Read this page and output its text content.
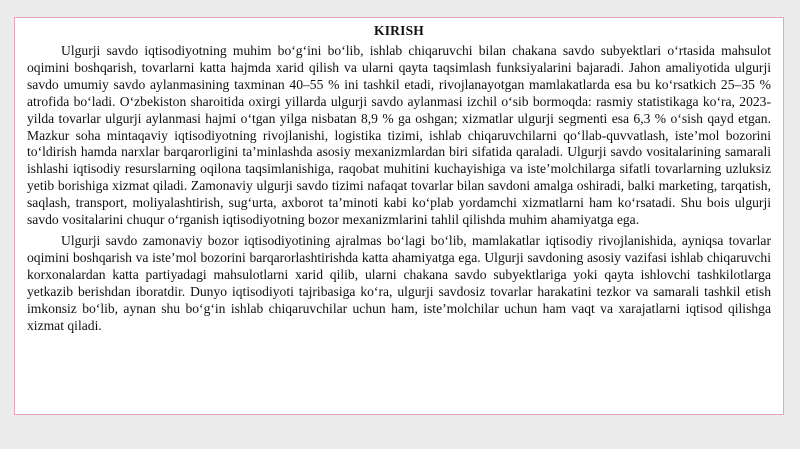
KIRISH

Ulgurji savdo iqtisodiyotning muhim bo‘g‘ini bo‘lib, ishlab chiqaruvchi bilan chakana savdo subyektlari o‘rtasida mahsulot oqimini boshqarish, tovarlarni katta hajmda xarid qilish va ularni qayta taqsimlash funksiyalarini bajaradi. Jahon amaliyotida ulgurji savdo umumiy savdo aylanmasining taxminan 40–55 % ini tashkil etadi, rivojlanayotgan mamlakatlarda esa bu ko‘rsatkich 25–35 % atrofida bo‘ladi. O‘zbekiston sharoitida oxirgi yillarda ulgurji savdo aylanmasi izchil o‘sib bormoqda: rasmiy statistikaga ko‘ra, 2023-yilda tovarlar ulgurji aylanmasi hajmi o‘tgan yilga nisbatan 8,9 % ga oshgan; xizmatlar ulgurji segmenti esa 6,3 % o‘sish qayd etgan. Mazkur soha mintaqaviy iqtisodiyotning rivojlanishi, logistika tizimi, ishlab chiqaruvchilarni qo‘llab-quvvatlash, iste’mol bozorini to‘ldirish hamda narxlar barqarorligini ta’minlashda asosiy mexanizmlardan biri sifatida qaraladi. Ulgurji savdo vositalarining samarali ishlashi iqtisodiy resurslarning oqilona taqsimlanishiga, raqobat muhitini kuchayishiga va iste’molchilarga sifatli tovarlarning uzluksiz yetib borishiga xizmat qiladi. Zamonaviy ulgurji savdo tizimi nafaqat tovarlar bilan savdoni amalga oshiradi, balki marketing, tarqatish, saqlash, transport, moliyalashtirish, sug‘urta, axborot ta’minoti kabi ko‘plab yordamchi xizmatlarni ham ko‘rsatadi. Shu bois ulgurji savdo vositalarini chuqur o‘rganish iqtisodiyotning bozor mexanizmlarini tahlil qilishda muhim ahamiyatga ega.

Ulgurji savdo zamonaviy bozor iqtisodiyotining ajralmas bo‘lagi bo‘lib, mamlakatlar iqtisodiy rivojlanishida, ayniqsa tovarlar oqimini boshqarish va iste’mol bozorini barqarorlashtirishda katta ahamiyatga ega. Ulgurji savdoning asosiy vazifasi ishlab chiqaruvchi korxonalardan katta partiyadagi mahsulotlarni xarid qilib, ularni chakana savdo subyektlariga yoki qayta ishlovchi tashkilotlarga yetkazib berishdan iboratdir. Dunyo iqtisodiyoti tajribasiga ko‘ra, ulgurji savdosiz tovarlar harakatini tezkor va samarali tashkil etish imkonsiz bo‘lib, aynan shu bo‘g‘in ishlab chiqaruvchilar uchun ham, iste’molchilar uchun ham vaqt va xarajatlarni iqtisod qilishga xizmat qiladi.
